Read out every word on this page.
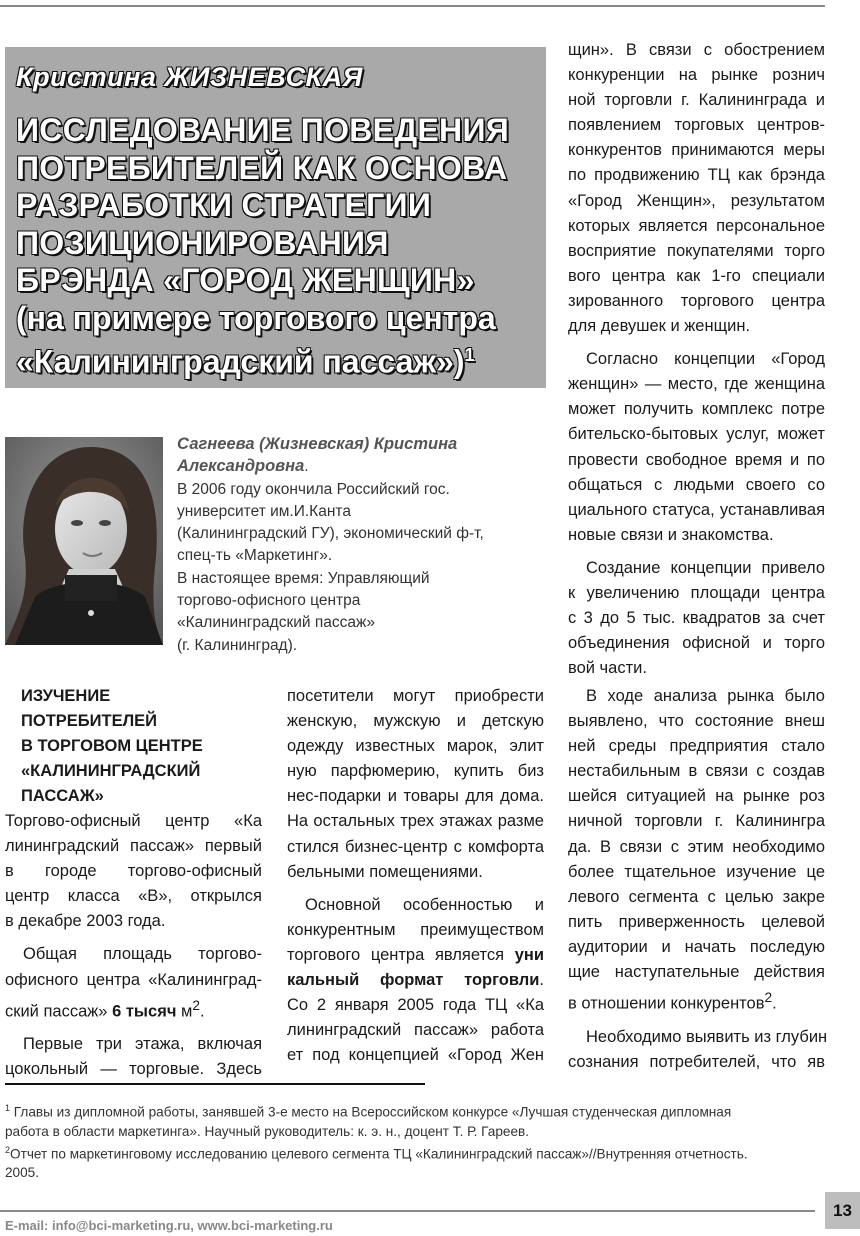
Кристина ЖИЗНЕВСКАЯ
ИССЛЕДОВАНИЕ ПОВЕДЕНИЯ
ПОТРЕБИТЕЛЕЙ КАК ОСНОВА
РАЗРАБОТКИ СТРАТЕГИИ
ПОЗИЦИОНИРОВАНИЯ
БРЭНДА «ГОРОД ЖЕНЩИН»
(на примере торгового центра
«Калининградский пассаж»)$^1$
Сагнеева (Жизневская) Кристина
Александровна.
В 2006 году окончила Российский гос.
университет им.И.Канта
(Калининградский ГУ), экономический ф-т,
спец-ть «Маркетинг».
В настоящее время: Управляющий
торгово-офисного центра
«Калининградский пассаж»
(г. Калининград).
щин». В связи с обострением
конкуренции на рынке рознич
ной торговли г. Калининграда и
появлением торговых центров-
конкурентов принимаются меры
по продвижению ТЦ как брэнда
«Город Женщин», результатом
которых является персональное
восприятие покупателями торго
вого центра как 1-го специали
зированного торгового центра
для девушек и женщин.
Согласно концепции «Город
женщин» — место, где женщина
может получить комплекс потре
бительско-бытовых услуг, может
провести свободное время и по
общаться с людьми своего со
циального статуса, устанавливая
новые связи и знакомства.
Создание концепции привело
к увеличению площади центра
с 3 до 5 тыс. квадратов за счет
объединения офисной и торго
вой части.
ИЗУЧЕНИЕ
ПОТРЕБИТЕЛЕЙ
В ТОРГОВОМ ЦЕНТРЕ
«КАЛИНИНГРАДСКИЙ
ПАССАЖ»
Торгово-офисный центр «Ка
лининградский пассаж» первый
в городе торгово-офисный
центр класса «В», открылся
в декабре 2003 года.
Общая площадь торгово-
офисного центра «Калининград-
ский пассаж» 6 тысяч $м^2$.
Первые три этажа, включая
цокольный — торговые. Здесь
посетители могут приобрести
женскую, мужскую и детскую
одежду известных марок, элит
ную парфюмерию, купить биз
нес-подарки и товары для дома.
На остальных трех этажах разме
стился бизнес-центр с комфорта
бельными помещениями.
Основной особенностью и
конкурентным преимуществом
торгового центра является уни
кальный формат торговли.
Со 2 января 2005 года ТЦ «Ка
лининградский пассаж» работа
ет под концепцией «Город Жен
В ходе анализа рынка было
выявлено, что состояние внеш
ней среды предприятия стало
нестабильным в связи с создав
шейся ситуацией на рынке роз
ничной торговли г. Калинингра
да. В связи с этим необходимо
более тщательное изучение це
левого сегмента с целью закре
пить приверженность целевой
аудитории и начать последую
щие наступательные действия
в отношении конкурентов$^2$.
Необходимо выявить из глубин
сознания потребителей, что яв
$^1$ Главы из дипломной работы, занявшей 3-е место на Всероссийском конкурсе «Лучшая студенческая дипломная
работа в области маркетинга». Научный руководитель: к. э. н., доцент Т. Р. Гареев.
$^2$Отчет по маркетинговому исследованию целевого сегмента ТЦ «Калининградский пассаж»//Внутренняя отчетность.
2005.
E-mail: info@bci-marketing.ru, www.bci-marketing.ru
13
